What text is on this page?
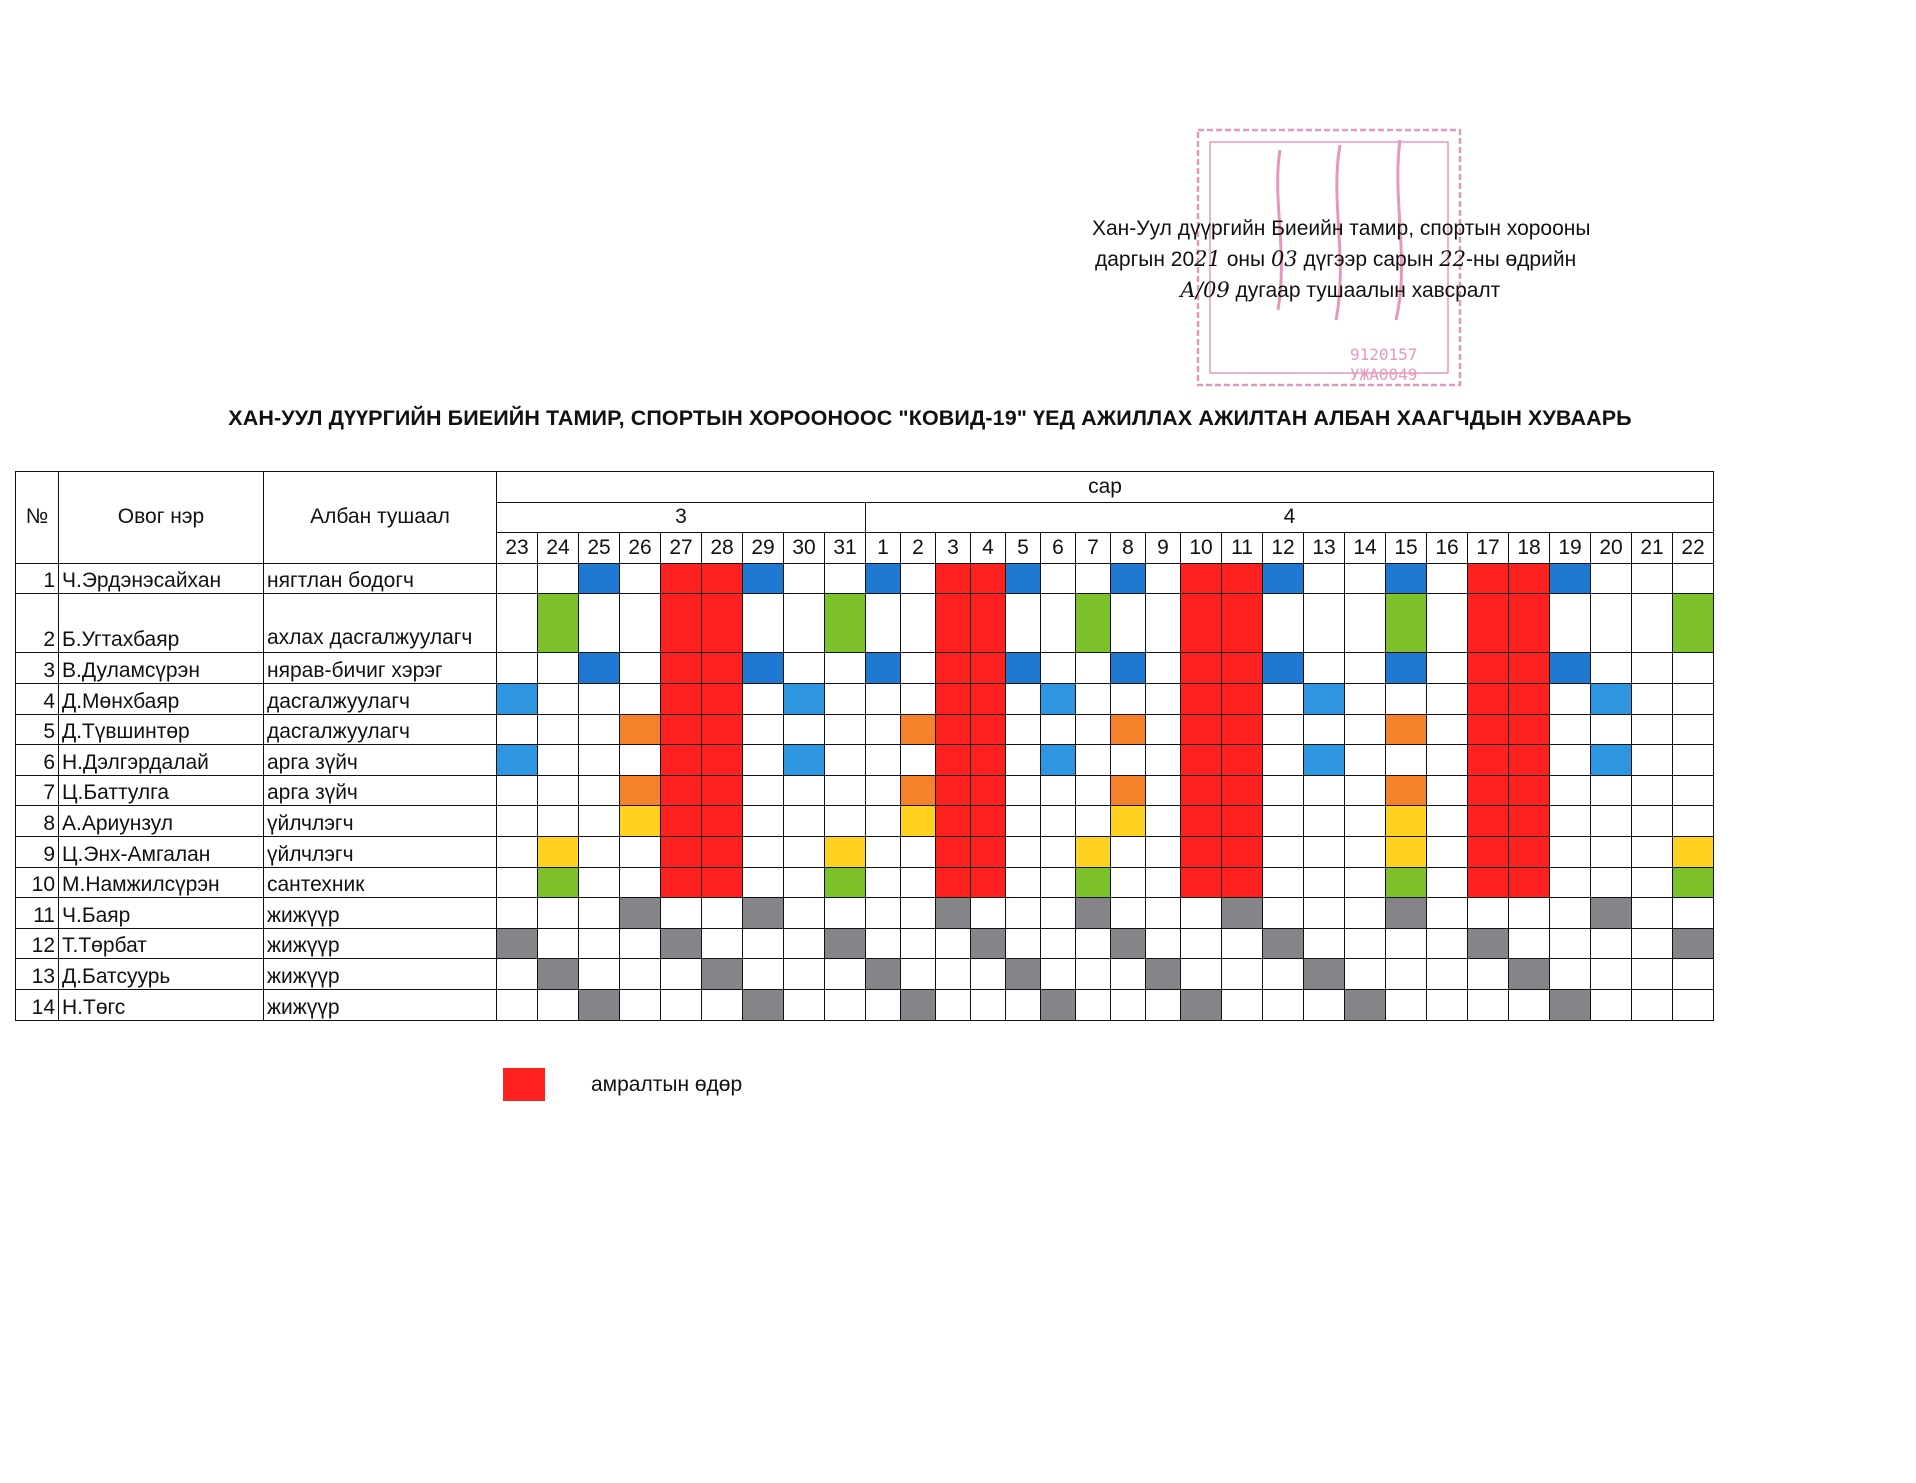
9120157
УЖА0049
Хан-Уул дүүргийн Биеийн тамир, спортын хорооны
даргын 2021 оны 03 дүгээр сарын 22-ны өдрийн
А/09 дугаар тушаалын хавсралт
ХАН-УУЛ ДҮҮРГИЙН БИЕИЙН ТАМИР, СПОРТЫН ХОРООНООС "КОВИД-19" ҮЕД АЖИЛЛАХ АЖИЛТАН АЛБАН ХААГЧДЫН ХУВААРЬ
№	Овог нэр	Албан тушаал	сар																														
			3									4																					
			23	24	25	26	27	28	29	30	31	1	2	3	4	5	6	7	8	9	10	11	12	13	14	15	16	17	18	19	20	21	22
1	Ч.Эрдэнэсайхан	нягтлан бодогч																															
2	Б.Угтахбаяр	ахлах дасгалжуулагч																															
3	В.Дуламсүрэн	нярав-бичиг хэрэг																															
4	Д.Мөнхбаяр	дасгалжуулагч																															
5	Д.Түвшинтөр	дасгалжуулагч																															
6	Н.Дэлгэрдалай	арга зүйч																															
7	Ц.Баттулга	арга зүйч																															
8	А.Ариунзул	үйлчлэгч																															
9	Ц.Энх-Амгалан	үйлчлэгч																															
10	М.Намжилсүрэн	сантехник																															
11	Ч.Баяр	жижүүр																															
12	Т.Төрбат	жижүүр																															
13	Д.Батсуурь	жижүүр																															
14	Н.Төгс	жижүүр																															
амралтын өдөр
